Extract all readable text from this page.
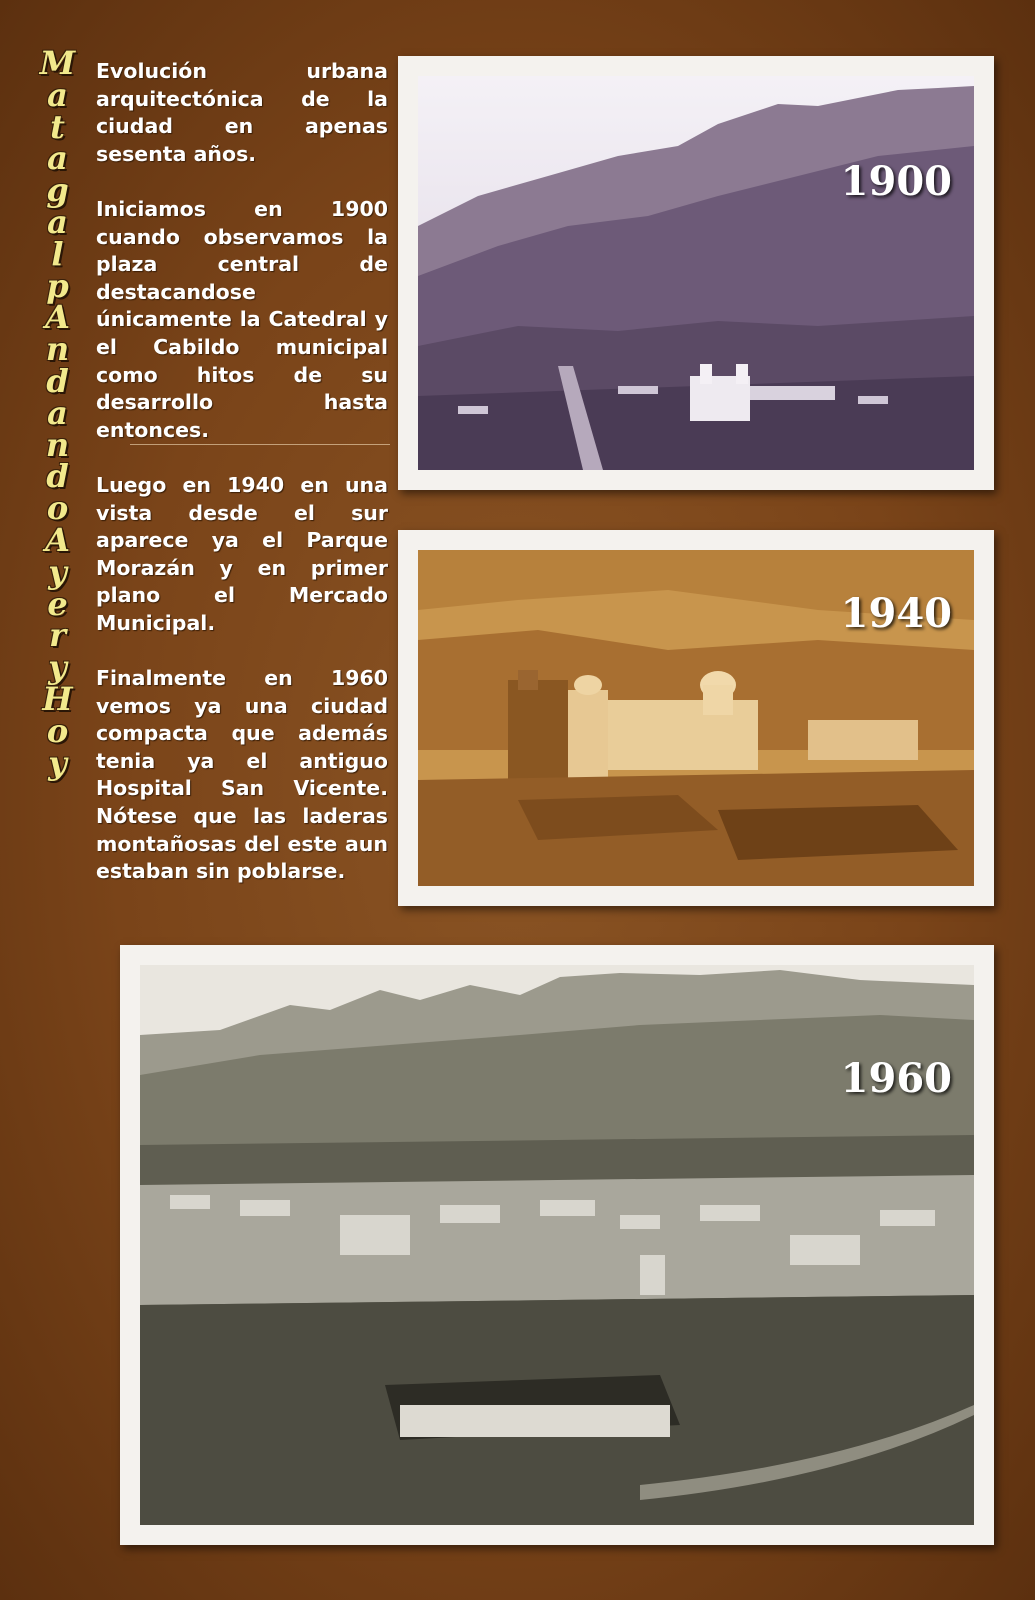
M
a
t
a
g
a
l
p
A
n
d
a
n
d
o
A
y
e
r
y
H
o
y

Evolución urbana arquitectónica de la ciudad en apenas sesenta años.

Iniciamos en 1900 cuando observamos la plaza central de destacandose únicamente la Catedral y el Cabildo municipal como hitos de su desarrollo hasta entonces.

Luego en 1940 en una vista desde el sur aparece ya el Parque Morazán y en primer plano el Mercado Municipal.

Finalmente en 1960 vemos ya una ciudad compacta que además tenia ya el antiguo Hospital San Vicente. Nótese que las laderas montañosas del este aun estaban sin poblarse.

1900
1940
1960
